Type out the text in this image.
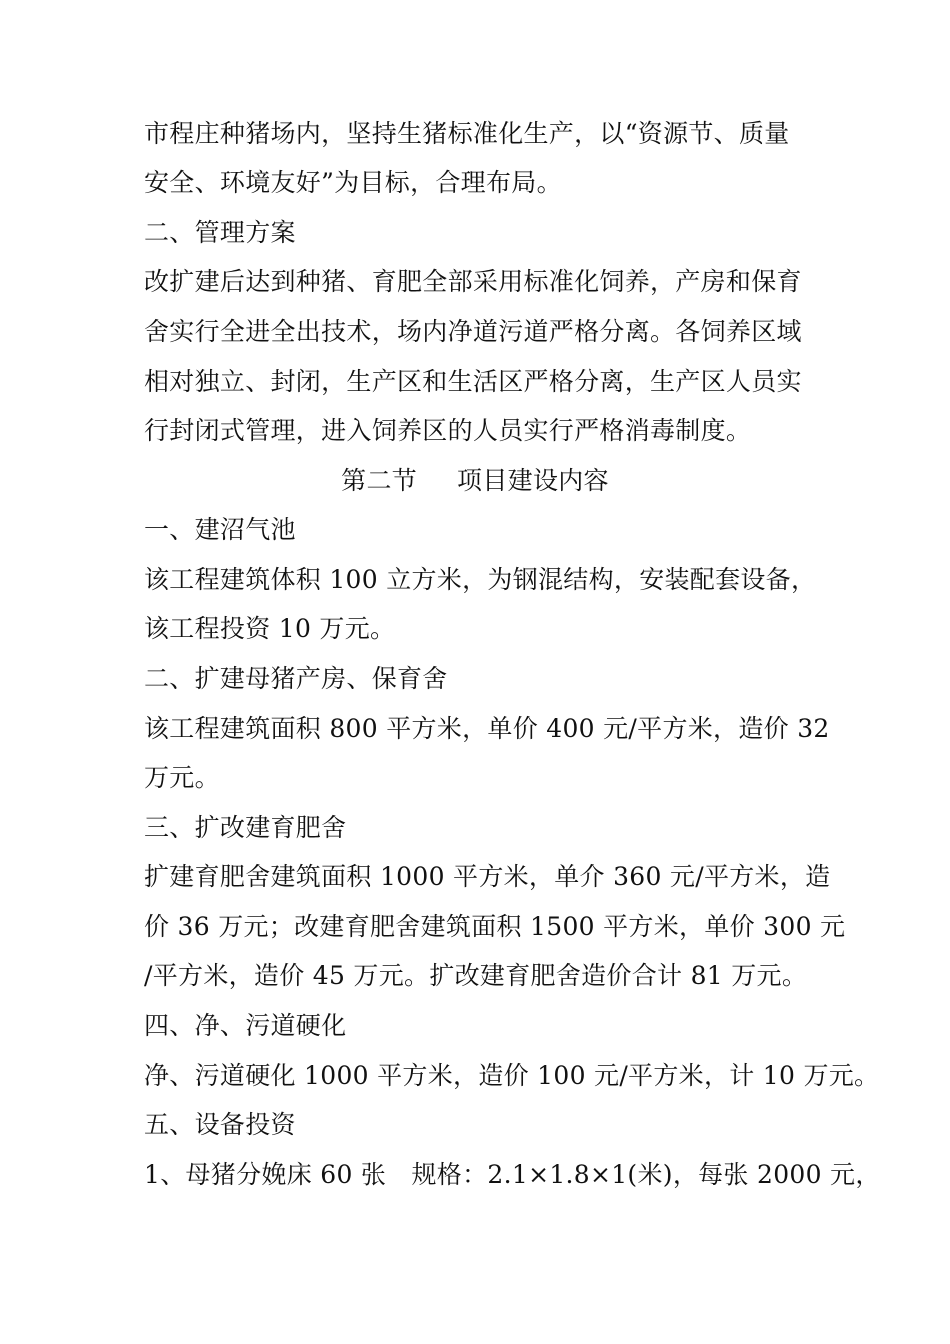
市程庄种猪场内，坚持生猪标准化生产，以“资源节、质量
安全、环境友好”为目标，合理布局。
二、管理方案
改扩建后达到种猪、育肥全部采用标准化饲养，产房和保育
舍实行全进全出技术，场内净道污道严格分离。各饲养区域
相对独立、封闭，生产区和生活区严格分离，生产区人员实
行封闭式管理，进入饲养区的人员实行严格消毒制度。
第二节 项目建设内容
一、建沼气池
该工程建筑体积 100 立方米，为钢混结构，安装配套设备，
该工程投资 10 万元。
二、扩建母猪产房、保育舍
该工程建筑面积 800 平方米，单价 400 元/平方米，造价 32
万元。
三、扩改建育肥舍
扩建育肥舍建筑面积 1000 平方米，单介 360 元/平方米，造
价 36 万元；改建育肥舍建筑面积 1500 平方米，单价 300 元
/平方米，造价 45 万元。扩改建育肥舍造价合计 81 万元。
四、净、污道硬化
净、污道硬化 1000 平方米，造价 100 元/平方米，计 10 万元。
五、设备投资
1、母猪分娩床 60 张　规格：2.1×1.8×1(米)，每张 2000 元，
